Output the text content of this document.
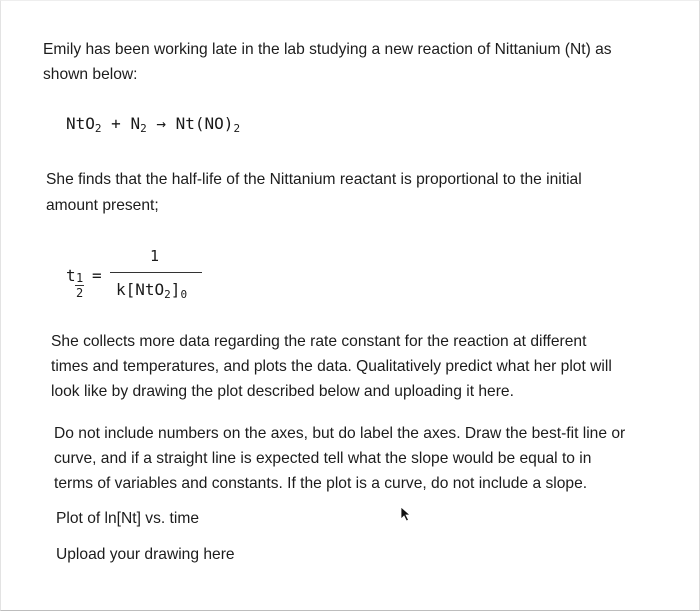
Emily has been working late in the lab studying a new reaction of Nittanium (Nt) as
shown below:
$NtO_2 + N_2 \to Nt(NO)_2$
She finds that the half-life of the Nittanium reactant is proportional to the initial
amount present;
t 1
2
=
1
$k[NtO_2]_0$
She collects more data regarding the rate constant for the reaction at different
times and temperatures, and plots the data. Qualitatively predict what her plot will
look like by drawing the plot described below and uploading it here.
Do not include numbers on the axes, but do label the axes. Draw the best-fit line or
curve, and if a straight line is expected tell what the slope would be equal to in
terms of variables and constants. If the plot is a curve, do not include a slope.
Plot of ln[Nt] vs. time
Upload your drawing here
